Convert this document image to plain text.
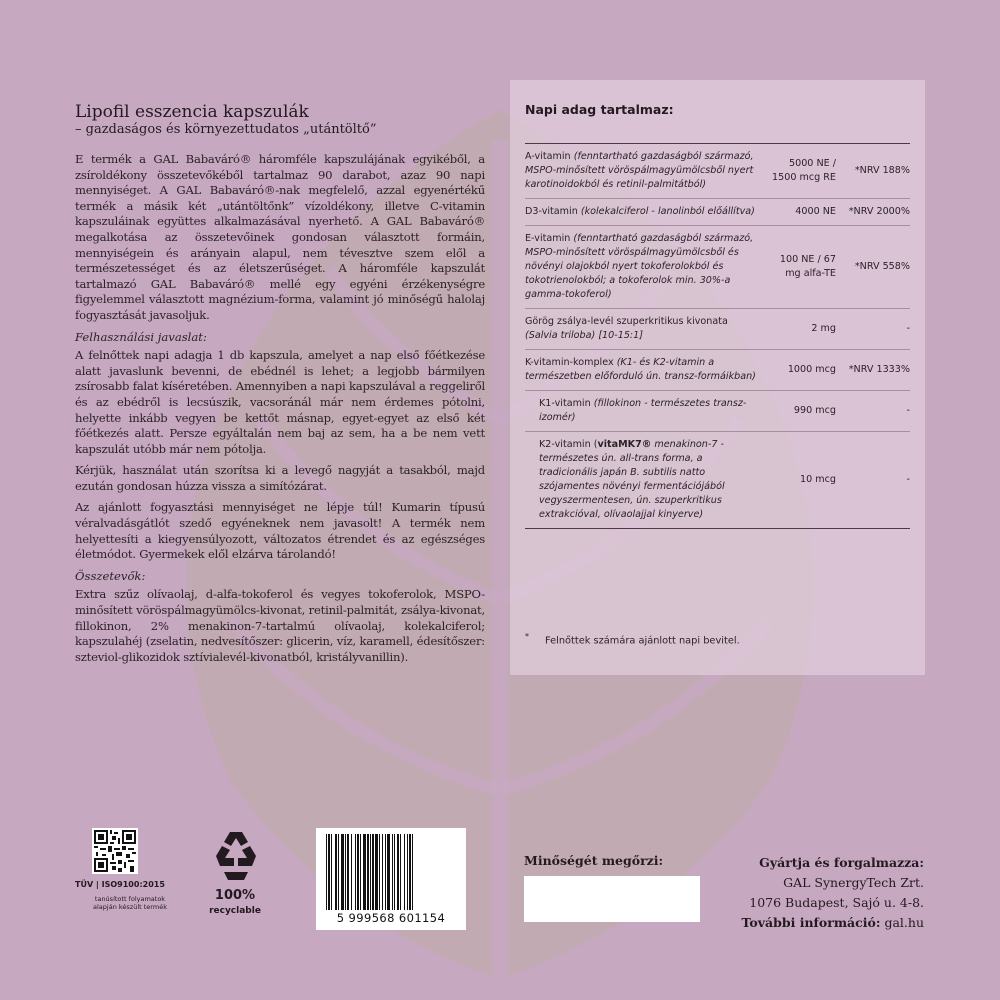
Lipofil esszencia kapszulák
– gazdaságos és környezettudatos „utántöltő”

E termék a GAL Babaváró® háromféle kapszulájának egyikéből, a zsíroldékony összetevőkéből tartalmaz 90 darabot, azaz 90 napi mennyiséget. A GAL Babaváró®-nak megfelelő, azzal egyenértékű termék a másik két „utántöltőnk” vízoldékony, illetve C-vitamin kapszuláinak együttes alkalmazásával nyerhető. A GAL Babaváró® megalkotása az összetevőinek gondosan választott formáin, mennyiségein és arányain alapul, nem tévesztve szem elől a természetességet és az életszerűséget. A háromféle kapszulát tartalmazó GAL Babaváró® mellé egy egyéni érzékenységre figyelemmel választott magnézium-forma, valamint jó minőségű halolaj fogyasztását javasoljuk.

Felhasználási javaslat:

A felnőttek napi adagja 1 db kapszula, amelyet a nap első főétkezése alatt javaslunk bevenni, de ebédnél is lehet; a legjobb bármilyen zsírosabb falat kíséretében. Amennyiben a napi kapszulával a reggeliről és az ebédről is lecsúszik, vacsoránál már nem érdemes pótolni, helyette inkább vegyen be kettőt másnap, egyet-egyet az első két főétkezés alatt. Persze egyáltalán nem baj az sem, ha a be nem vett kapszulát utóbb már nem pótolja.

Kérjük, használat után szorítsa ki a levegő nagyját a tasakból, majd ezután gondosan húzza vissza a simítózárat.

Az ajánlott fogyasztási mennyiséget ne lépje túl! Kumarin típusú véralvadásgátlót szedő egyéneknek nem javasolt! A termék nem helyettesíti a kiegyensúlyozott, változatos étrendet és az egészséges életmódot. Gyermekek elől elzárva tárolandó!

Összetevők:

Extra szűz olívaolaj, d-alfa-tokoferol és vegyes tokoferolok, MSPO-minősített vöröspálmagyümölcs-kivonat, retinil-palmitát, zsálya-kivonat, fillokinon, 2% menakinon-7-tartalmú olívaolaj, kolekalciferol; kapszulahéj (zselatin, nedvesítőszer: glicerin, víz, karamell, édesítőszer: szteviol-glikozidok sztívialevél-kivonatból, kristályvanillin).

Napi adag tartalmaz:
A-vitamin (fenntartható gazdaságból származó, MSPO-minősített vöröspálmagyümölcsből nyert karotinoidokból és retinil-palmitátból)	5000 NE / 1500 mcg RE	*NRV 188%
D3-vitamin (kolekalciferol - lanolinból előállítva)	4000 NE	*NRV 2000%
E-vitamin (fenntartható gazdaságból származó, MSPO-minősített vöröspálmagyümölcsből és növényi olajokból nyert tokoferolokból és tokotrienolokból; a tokoferolok min. 30%-a gamma-tokoferol)	100 NE / 67 mg alfa-TE	*NRV 558%
Görög zsálya-levél szuperkritikus kivonata (Salvia triloba) [10-15:1]	2 mg	-
K-vitamin-komplex (K1- és K2-vitamin a természetben előforduló ún. transz-formáikban)	1000 mcg	*NRV 1333%
K1-vitamin (fillokinon - természetes transz-izomér)	990 mcg	-
K2-vitamin (vitaMK7® menakinon-7 - természetes ún. all-trans forma, a tradicionális japán B. subtilis natto szójamentes növényi fermentációjából vegyszermentesen, ún. szuperkritikus extrakcióval, olívaolajjal kinyerve)	10 mcg	-
* Felnőttek számára ajánlott napi bevitel.
TÜV | ISO9100:2015
tanúsított folyamatok alapján készült termék
100%
recyclable	5 999568 601154
Minőségét megőrzi:	Gyártja és forgalmazza:
GAL SynergyTech Zrt.
1076 Budapest, Sajó u. 4-8.
További információ: gal.hu
